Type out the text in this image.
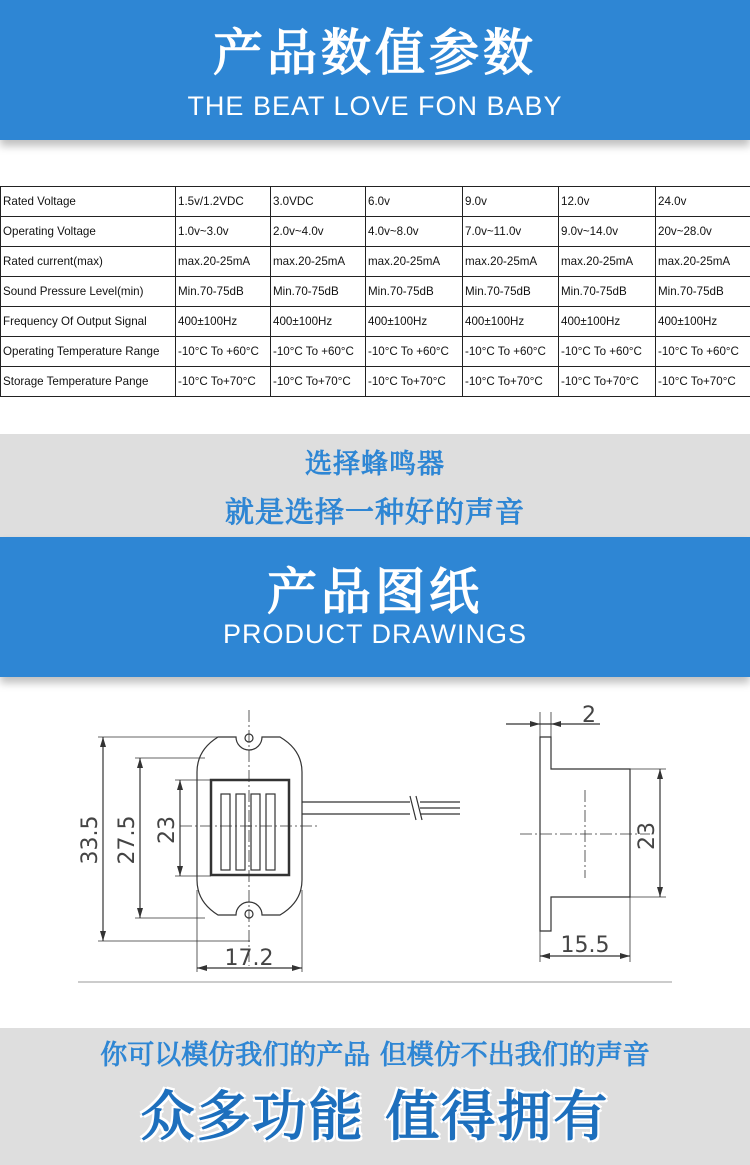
产品数值参数
THE BEAT LOVE FON BABY
Rated Voltage	1.5v/1.2VDC	3.0VDC	6.0v	9.0v	12.0v	24.0v
Operating Voltage	1.0v~3.0v	2.0v~4.0v	4.0v~8.0v	7.0v~11.0v	9.0v~14.0v	20v~28.0v
Rated current(max)	max.20-25mA	max.20-25mA	max.20-25mA	max.20-25mA	max.20-25mA	max.20-25mA
Sound Pressure Level(min)	Min.70-75dB	Min.70-75dB	Min.70-75dB	Min.70-75dB	Min.70-75dB	Min.70-75dB
Frequency Of Output Signal	400±100Hz	400±100Hz	400±100Hz	400±100Hz	400±100Hz	400±100Hz
Operating Temperature Range	-10°C To +60°C	-10°C To +60°C	-10°C To +60°C	-10°C To +60°C	-10°C To +60°C	-10°C To +60°C
Storage Temperature Pange	-10°C To+70°C	-10°C To+70°C	-10°C To+70°C	-10°C To+70°C	-10°C To+70°C	-10°C To+70°C
选择蜂鸣器
就是选择一种好的声音
产品图纸
PRODUCT DRAWINGS
33.5 27.5 23
17.2
2
23
15.5
你可以模仿我们的产品 但模仿不出我们的声音
众多功能 值得拥有
